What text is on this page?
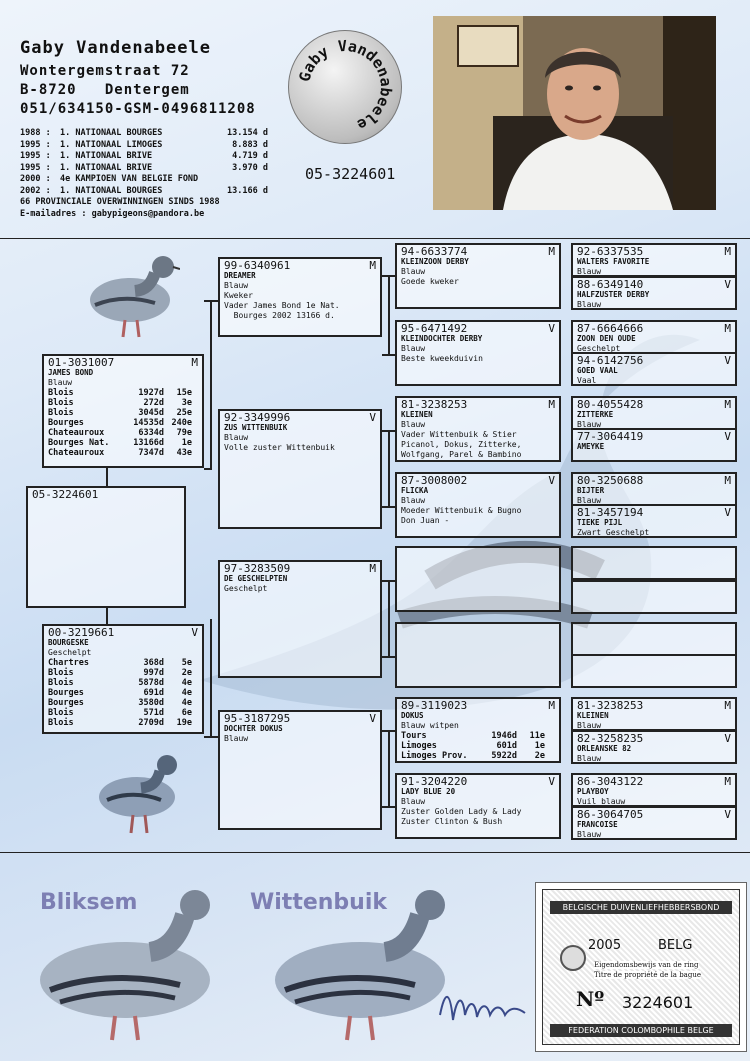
Gaby Vandenabeele
Wontergemstraat 72
B-8720   Dentergem
051/634150-GSM-0496811208
Gaby Vandenabeele
1988 :	1. NATIONAAL BOURGES	13.154 d
1995 :	1. NATIONAAL LIMOGES	8.883 d
1995 :	1. NATIONAAL BRIVE	4.719 d
1995 :	1. NATIONAAL BRIVE	3.970 d
2000 :	4e KAMPIOEN VAN BELGIE FOND
2002 :	1. NATIONAAL BOURGES	13.166 d
66 PROVINCIALE OVERWINNINGEN SINDS 1988
E-mailadres : gabypigeons@pandora.be
05-3224601
05-3224601
01-3031007	M
JAMES BOND
Blauw
Blois	1927d	15e
Blois	272d	3e
Blois	3045d	25e
Bourges	14535d 240e
Chateauroux	6334d	79e
Bourges Nat.	13166d	1e
Chateauroux	7347d	43e
00-3219661	V
BOURGESKE
Geschelpt
Chartres	368d	5e
Blois	997d	2e
Blois	5878d	4e
Bourges	691d	4e
Bourges	3580d	4e
Blois	571d	6e
Blois	2709d	19e
99-6340961	M
DREAMER
Blauw
Kweker
Vader James Bond 1e Nat.
Bourges 2002 13166 d.
92-3349996	V
ZUS WITTENBUIK
Blauw
Volle zuster Wittenbuik
97-3283509	M
DE GESCHELPTEN
Geschelpt
95-3187295	V
DOCHTER DOKUS
Blauw
94-6633774	M
KLEINZOON DERBY
Blauw
Goede kweker
95-6471492	V
KLEINDOCHTER DERBY
Blauw
Beste kweekduivin
81-3238253	M
KLEINEN
Blauw
Vader Wittenbuik & Stier
Picanol, Dokus, Zitterke,
Wolfgang, Parel & Bambino
87-3008002	V
FLICKA
Blauw
Moeder Wittenbuik & Bugno
Don Juan -
89-3119023	M
DOKUS
Blauw witpen
Tours	1946d	11e
Limoges	601d	1e
Limoges Prov.	5922d	2e
91-3204220	V
LADY BLUE 20
Blauw
Zuster Golden Lady & Lady
Zuster Clinton & Bush
92-6337535	M
WALTERS FAVORITE
Blauw
88-6349140	V
HALFZUSTER DERBY
Blauw
87-6664666	M
ZOON DEN OUDE
Geschelpt
94-6142756	V
GOED VAAL
Vaal
80-4055428	M
ZITTERKE
Blauw
77-3064419	V
AMEYKE
80-3250688	M
BIJTER
Blauw
81-3457194	V
TIEKE PIJL
Zwart Geschelpt
81-3238253	M
KLEINEN
Blauw
82-3258235	V
ORLEANSKE 82
Blauw
86-3043122	M
PLAYBOY
Vuil blauw
86-3064705	V
FRANCOISE
Blauw
Bliksem	Wittenbuik	BELGISCHE DUIVENLIEFHEBBERSBOND
2005	BELG
Eigendomsbewijs van de ring
Titre de propriété de la bague
Nº 3224601
FEDERATION COLOMBOPHILE BELGE
